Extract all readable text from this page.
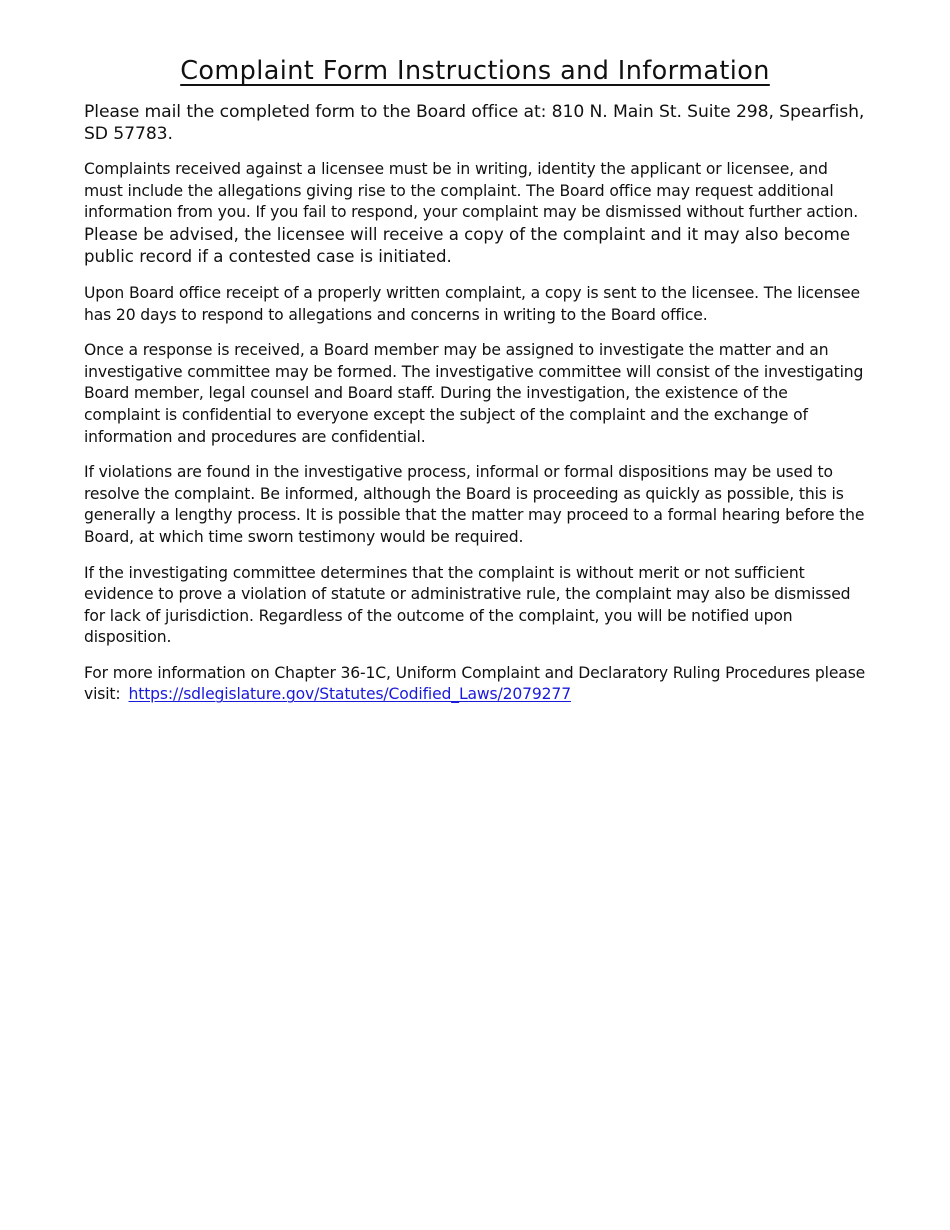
Complaint Form Instructions and Information

Please mail the completed form to the Board office at: 810 N. Main St. Suite 298, Spearfish, SD 57783.

Complaints received against a licensee must be in writing, identity the applicant or licensee, and must include the allegations giving rise to the complaint. The Board office may request additional information from you. If you fail to respond, your complaint may be dismissed without further action. Please be advised, the licensee will receive a copy of the complaint and it may also become public record if a contested case is initiated.

Upon Board office receipt of a properly written complaint, a copy is sent to the licensee. The licensee has 20 days to respond to allegations and concerns in writing to the Board office.

Once a response is received, a Board member may be assigned to investigate the matter and an investigative committee may be formed. The investigative committee will consist of the investigating Board member, legal counsel and Board staff. During the investigation, the existence of the complaint is confidential to everyone except the subject of the complaint and the exchange of information and procedures are confidential.

If violations are found in the investigative process, informal or formal dispositions may be used to resolve the complaint. Be informed, although the Board is proceeding as quickly as possible, this is generally a lengthy process. It is possible that the matter may proceed to a formal hearing before the Board, at which time sworn testimony would be required.

If the investigating committee determines that the complaint is without merit or not sufficient evidence to prove a violation of statute or administrative rule, the complaint may also be dismissed for lack of jurisdiction. Regardless of the outcome of the complaint, you will be notified upon disposition.

For more information on Chapter 36-1C, Uniform Complaint and Declaratory Ruling Procedures please visit: https://sdlegislature.gov/Statutes/Codified_Laws/2079277
